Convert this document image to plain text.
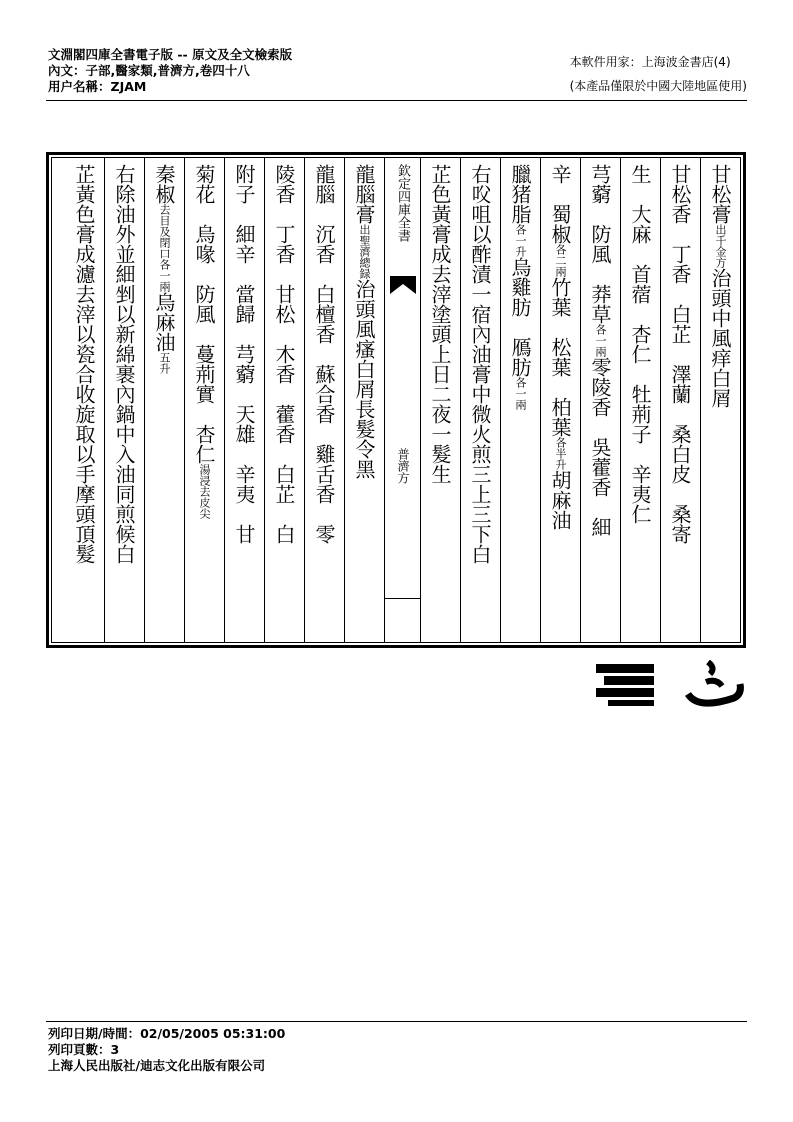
文淵閣四庫全書電子版 -- 原文及全文檢索版
內文：子部,醫家類,普濟方,卷四十八
用户名稱：ZJAM
本軟件用家：上海波金書店(4)
(本產品僅限於中國大陸地區使用)
甘松膏出千金方治頭中風痒白屑
甘松香　丁香　白芷　澤蘭　桑白皮　桑寄
生　大麻　首蓿　杏仁　牡荊子　辛夷仁
芎藭　防風　莽草各一兩零陵香　吳藿香　細
辛　蜀椒各二兩竹葉　松葉　柏葉各半升胡麻油
臘猪脂各一升烏雞肪　鴈肪各一兩
右㕮咀以酢漬一宿內油膏中微火煎三上三下白
芷色黃膏成去滓塗頭上日二夜一髮生
欽定四庫全書
普濟方
龍腦膏出聖濟總録治頭風瘙白屑長髮令黑
龍腦　沉香　白檀香　蘇合香　雞舌香　零
陵香　丁香　甘松　木香　藿香　白芷　白
附子　細辛　當歸　芎藭　天雄　辛夷　甘
菊花　烏喙　防風　蔓荊實　杏仁湯浸去皮尖
秦椒去目及閉口各一兩烏麻油五升
右除油外並細剉以新綿裹內鍋中入油同煎候白
芷黃色膏成濾去滓以瓷合收旋取以手摩頭頂髮
列印日期/時間：02/05/2005 05:31:00
列印頁數：3
上海人民出版社/迪志文化出版有限公司
